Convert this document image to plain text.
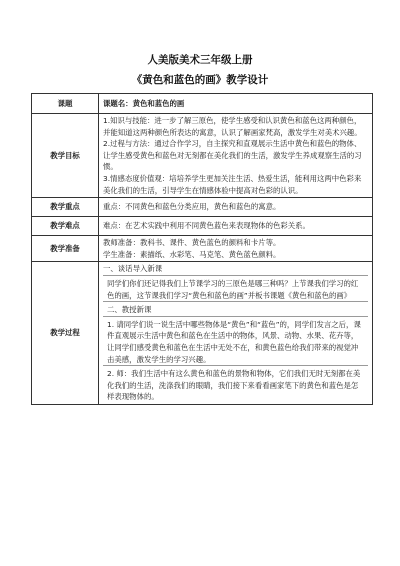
人美版美术三年级上册
《黄色和蓝色的画》教学设计
课题	课题名：黄色和蓝色的画
教学目标	1.知识与技能：进一步了解三原色，使学生感受和认识黄色和蓝色这两种颜色，并能知道这两种颜色所表达的寓意，认识了解画家梵高，激发学生对美术兴趣。

2.过程与方法：通过合作学习，自主探究和直观展示生活中黄色和蓝色的物体、让学生感受黄色和蓝色对无刻都在美化我们的生活，激发学生养成观察生活的习惯。

3.情感态度价值观：培培养学生更加关注生活、热爱生活，能利用这两中色彩来美化我们的生活，引导学生在情感体验中提高对色彩的认识。

教学重点	重点：不同黄色和蓝色分类应用，黄色和蓝色的寓意。
教学难点	难点：在艺术实践中利用不同黄色蓝色来表现物体的色彩关系。
教学准备	教师准备：教科书、课件、黄色蓝色的颜料和卡片等。

学生准备：素描纸、水彩笔、马克笔、黄色蓝色颜料。

教学过程	一、谈话导入新课

同学们你们还记得我们上节课学习的三原色是哪三种吗？上节课我们学习的红色的画，这节课我们学习“黄色和蓝色的画”并板书课题《黄色和蓝色的画》

二、教授新课

1. 请同学们说一说生活中哪些物体是“黄色”和“蓝色”的，同学们发言之后，课件直观展示生活中黄色和蓝色在生活中的物体，风景、动物、水果、花卉等，让同学们感受黄色和蓝色在生活中无处不在，和黄色蓝色给我们带来的视觉冲击美感，激发学生的学习兴趣。

2. 师：我们生活中有这么黄色和蓝色的景物和物体，它们我们无时无刻都在美化我们的生活，洗涤我们的眼睛，我们接下来看看画家笔下的黄色和蓝色是怎样表现物体的。
